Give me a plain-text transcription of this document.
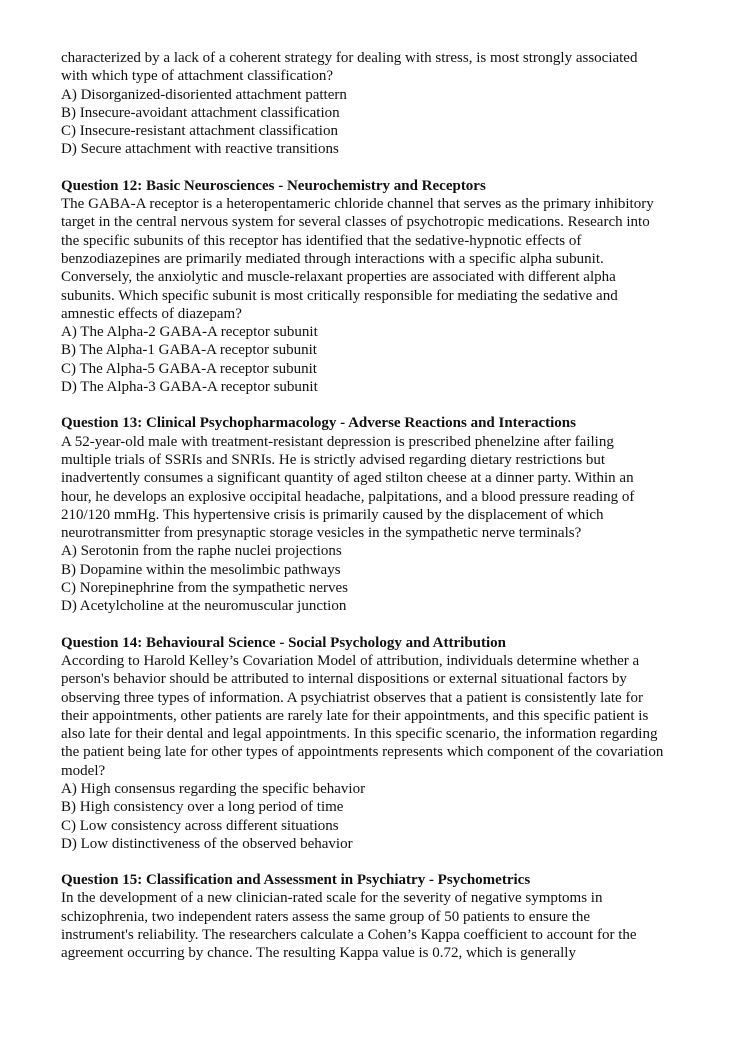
characterized by a lack of a coherent strategy for dealing with stress, is most strongly associated with which type of attachment classification?

A) Disorganized-disoriented attachment pattern

B) Insecure-avoidant attachment classification

C) Insecure-resistant attachment classification

D) Secure attachment with reactive transitions

Question 12: Basic Neurosciences - Neurochemistry and Receptors

The GABA-A receptor is a heteropentameric chloride channel that serves as the primary inhibitory target in the central nervous system for several classes of psychotropic medications. Research into the specific subunits of this receptor has identified that the sedative-hypnotic effects of benzodiazepines are primarily mediated through interactions with a specific alpha subunit. Conversely, the anxiolytic and muscle-relaxant properties are associated with different alpha subunits. Which specific subunit is most critically responsible for mediating the sedative and amnestic effects of diazepam?

A) The Alpha-2 GABA-A receptor subunit

B) The Alpha-1 GABA-A receptor subunit

C) The Alpha-5 GABA-A receptor subunit

D) The Alpha-3 GABA-A receptor subunit

Question 13: Clinical Psychopharmacology - Adverse Reactions and Interactions

A 52-year-old male with treatment-resistant depression is prescribed phenelzine after failing multiple trials of SSRIs and SNRIs. He is strictly advised regarding dietary restrictions but inadvertently consumes a significant quantity of aged stilton cheese at a dinner party. Within an hour, he develops an explosive occipital headache, palpitations, and a blood pressure reading of 210/120 mmHg. This hypertensive crisis is primarily caused by the displacement of which neurotransmitter from presynaptic storage vesicles in the sympathetic nerve terminals?

A) Serotonin from the raphe nuclei projections

B) Dopamine within the mesolimbic pathways

C) Norepinephrine from the sympathetic nerves

D) Acetylcholine at the neuromuscular junction

Question 14: Behavioural Science - Social Psychology and Attribution

According to Harold Kelley’s Covariation Model of attribution, individuals determine whether a person's behavior should be attributed to internal dispositions or external situational factors by observing three types of information. A psychiatrist observes that a patient is consistently late for their appointments, other patients are rarely late for their appointments, and this specific patient is also late for their dental and legal appointments. In this specific scenario, the information regarding the patient being late for other types of appointments represents which component of the covariation model?

A) High consensus regarding the specific behavior

B) High consistency over a long period of time

C) Low consistency across different situations

D) Low distinctiveness of the observed behavior

Question 15: Classification and Assessment in Psychiatry - Psychometrics

In the development of a new clinician-rated scale for the severity of negative symptoms in schizophrenia, two independent raters assess the same group of 50 patients to ensure the instrument's reliability. The researchers calculate a Cohen’s Kappa coefficient to account for the agreement occurring by chance. The resulting Kappa value is 0.72, which is generally
